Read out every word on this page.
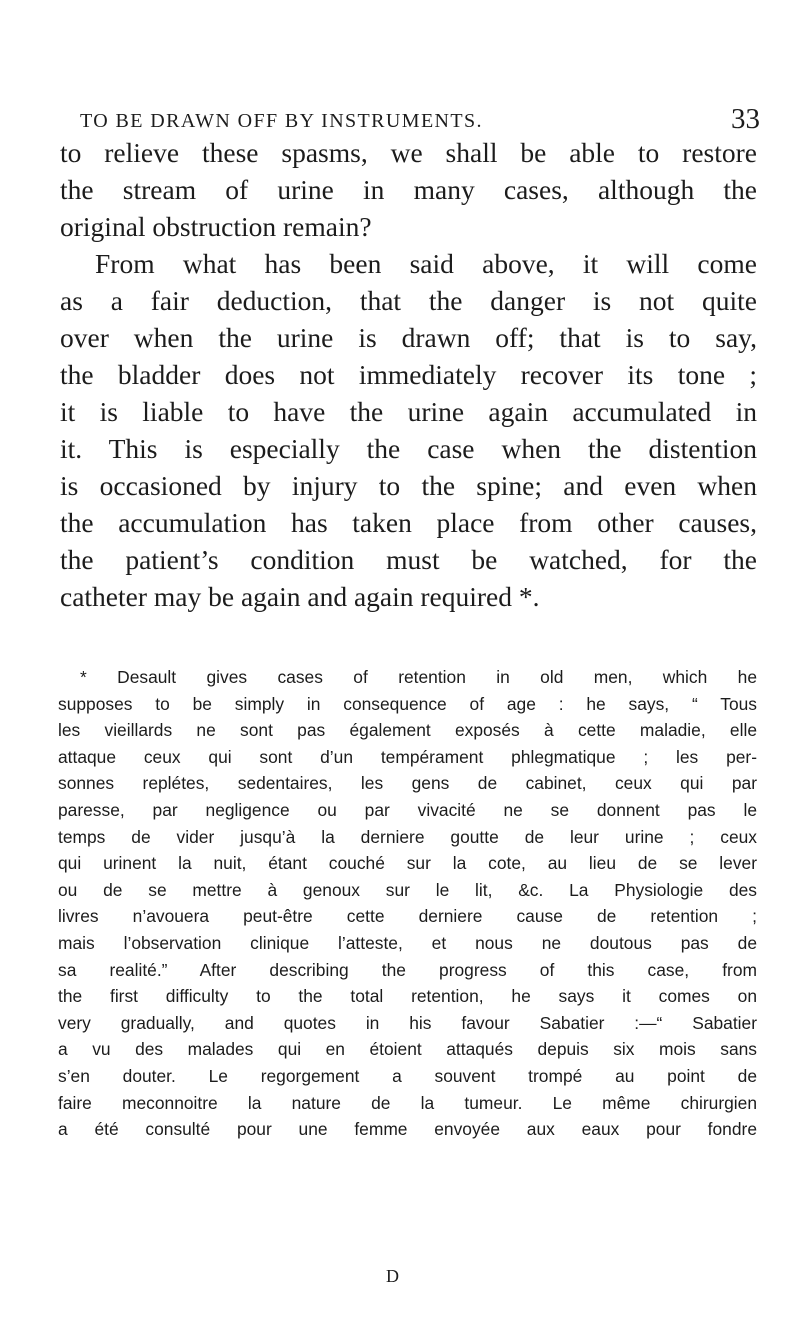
TO BE DRAWN OFF BY INSTRUMENTS.	33
to relieve these spasms, we shall be able to restore
the stream of urine in many cases, although the
original obstruction remain?
From what has been said above, it will come
as a fair deduction, that the danger is not quite
over when the urine is drawn off; that is to say,
the bladder does not immediately recover its tone ;
it is liable to have the urine again accumulated in
it. This is especially the case when the distention
is occasioned by injury to the spine; and even when
the accumulation has taken place from other causes,
the patient’s condition must be watched, for the
catheter may be again and again required *.
* Desault gives cases of retention in old men, which he
supposes to be simply in consequence of age : he says, “ Tous
les vieillards ne sont pas également exposés à cette maladie, elle
attaque ceux qui sont d’un tempérament phlegmatique ; les per-
sonnes replétes, sedentaires, les gens de cabinet, ceux qui par
paresse, par negligence ou par vivacité ne se donnent pas le
temps de vider jusqu’à la derniere goutte de leur urine ; ceux
qui urinent la nuit, étant couché sur la cote, au lieu de se lever
ou de se mettre à genoux sur le lit, &c. La Physiologie des
livres n’avouera peut-être cette derniere cause de retention ;
mais l’observation clinique l’atteste, et nous ne doutous pas de
sa realité.” After describing the progress of this case, from
the first difficulty to the total retention, he says it comes on
very gradually, and quotes in his favour Sabatier :—“ Sabatier
a vu des malades qui en étoient attaqués depuis six mois sans
s’en douter. Le regorgement a souvent trompé au point de
faire meconnoitre la nature de la tumeur. Le même chirurgien
a été consulté pour une femme envoyée aux eaux pour fondre
D
